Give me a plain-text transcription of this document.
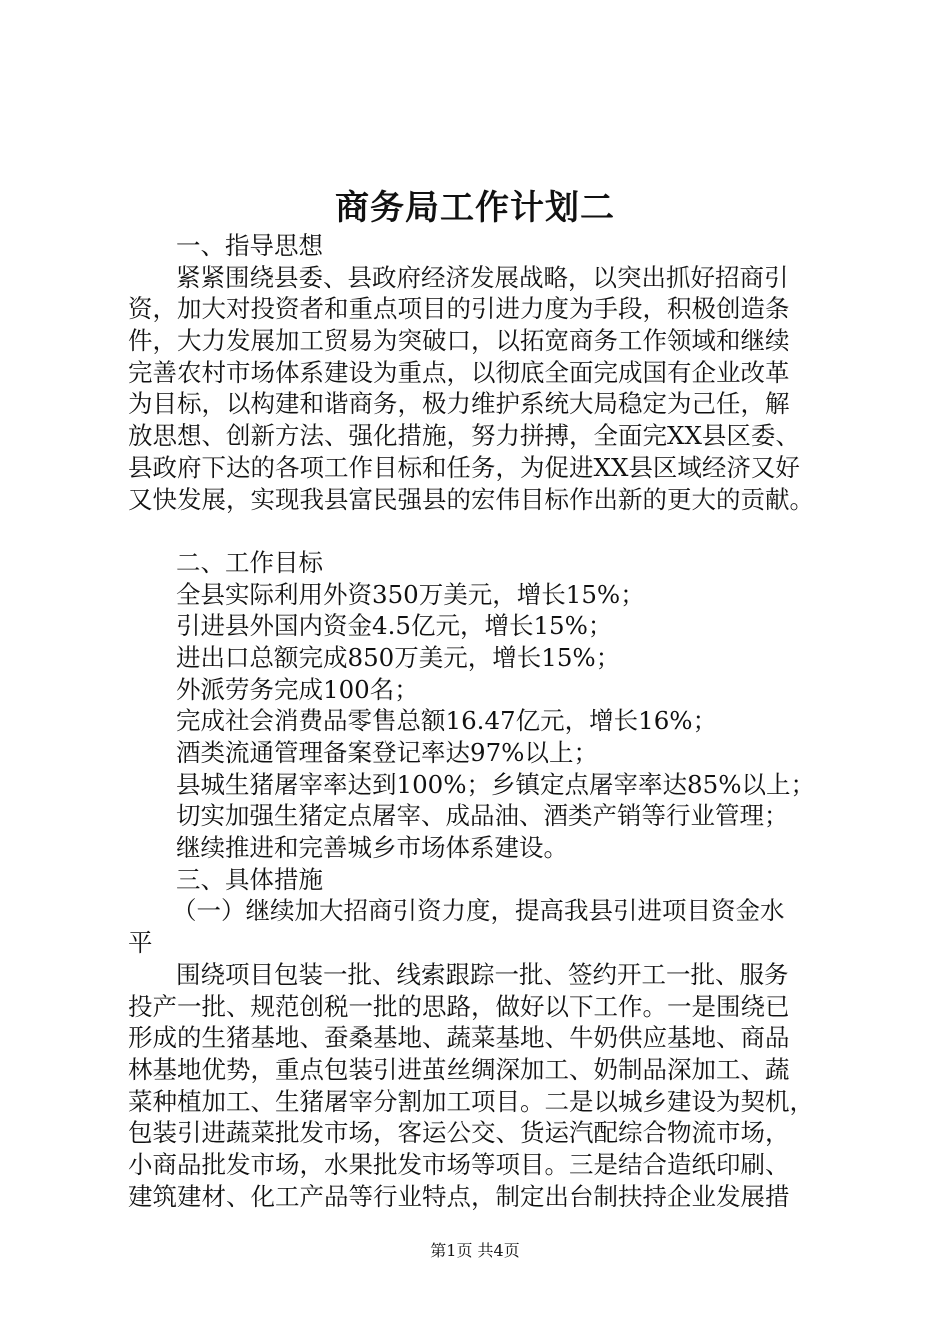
商务局工作计划二
一、指导思想
紧紧围绕县委、县政府经济发展战略，以突出抓好招商引
资，加大对投资者和重点项目的引进力度为手段，积极创造条
件，大力发展加工贸易为突破口，以拓宽商务工作领域和继续
完善农村市场体系建设为重点，以彻底全面完成国有企业改革
为目标，以构建和谐商务，极力维护系统大局稳定为己任，解
放思想、创新方法、强化措施，努力拼搏，全面完XX县区委、
县政府下达的各项工作目标和任务，为促进XX县区域经济又好
又快发展，实现我县富民强县的宏伟目标作出新的更大的贡献。
二、工作目标
全县实际利用外资350万美元，增长15%；
引进县外国内资金4.5亿元，增长15%；
进出口总额完成850万美元，增长15%；
外派劳务完成100名；
完成社会消费品零售总额16.47亿元，增长16%；
酒类流通管理备案登记率达97%以上；
县城生猪屠宰率达到100%；乡镇定点屠宰率达85%以上；
切实加强生猪定点屠宰、成品油、酒类产销等行业管理；
继续推进和完善城乡市场体系建设。
三、具体措施
（一）继续加大招商引资力度，提高我县引进项目资金水
平
围绕项目包装一批、线索跟踪一批、签约开工一批、服务
投产一批、规范创税一批的思路，做好以下工作。一是围绕已
形成的生猪基地、蚕桑基地、蔬菜基地、牛奶供应基地、商品
林基地优势，重点包装引进茧丝绸深加工、奶制品深加工、蔬
菜种植加工、生猪屠宰分割加工项目。二是以城乡建设为契机，
包装引进蔬菜批发市场，客运公交、货运汽配综合物流市场，
小商品批发市场，水果批发市场等项目。三是结合造纸印刷、
建筑建材、化工产品等行业特点，制定出台制扶持企业发展措
第1页 共4页
